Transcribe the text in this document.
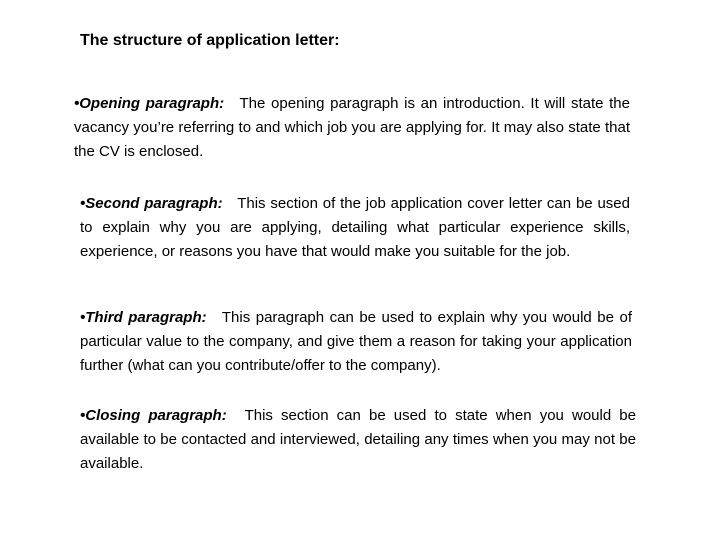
The structure of application letter:
•Opening paragraph: The opening paragraph is an introduction. It will state the vacancy you’re referring to and which job you are applying for. It may also state that the CV is enclosed.
•Second paragraph: This section of the job application cover letter can be used to explain why you are applying, detailing what particular experience skills, experience, or reasons you have that would make you suitable for the job.
•Third paragraph: This paragraph can be used to explain why you would be of particular value to the company, and give them a reason for taking your application further (what can you contribute/offer to the company).
•Closing paragraph: This section can be used to state when you would be available to be contacted and interviewed, detailing any times when you may not be available.
